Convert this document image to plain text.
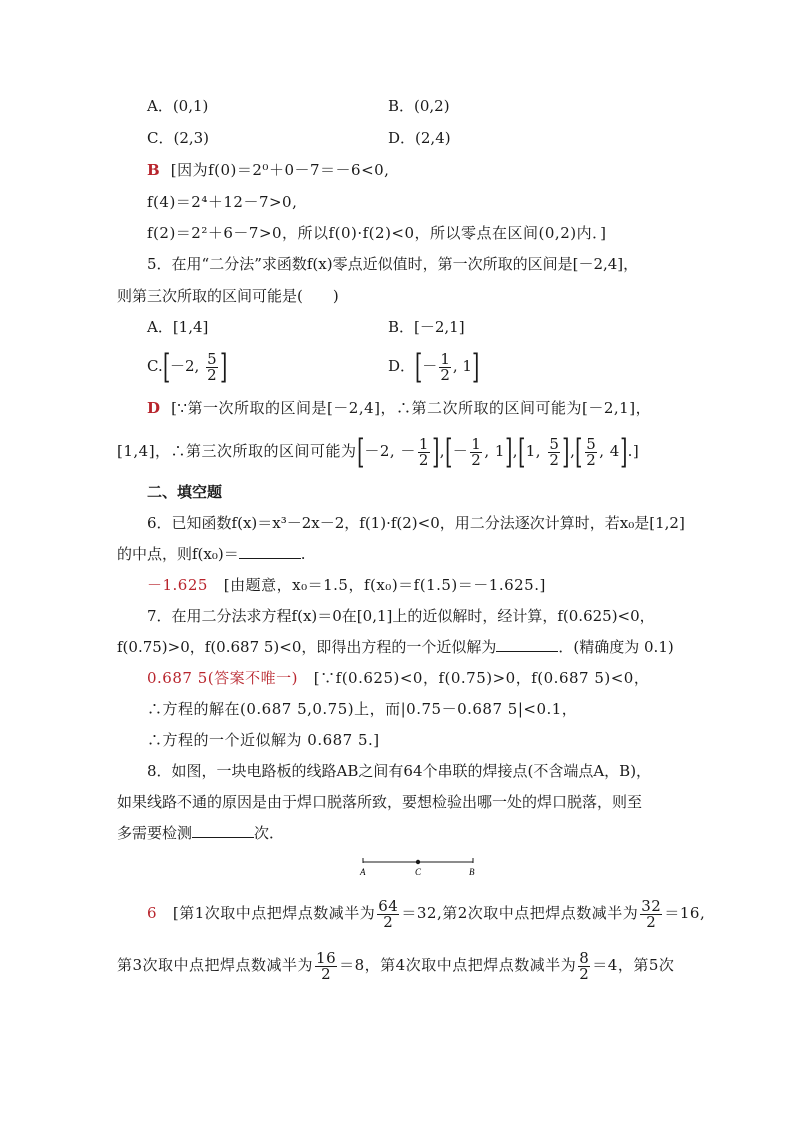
A．(0,1)	B．(0,2)
C．(2,3)	D．(2,4)
B [因为f(0)＝2⁰＋0－7＝－6<0,
f(4)＝2⁴＋12－7>0,
f(2)＝2²＋6－7>0，所以f(0)·f(2)<0，所以零点在区间(0,2)内．]
5．在用“二分法”求函数f(x)零点近似值时，第一次所取的区间是[－2,4]，
则第三次所取的区间可能是(　　)
A．[1,4]	B．[－2,1]
C.[－2, $\frac{5}{2}$ ]	D．[－ $\frac{1}{2}$ , 1]
D [∵第一次所取的区间是[－2,4]，∴第二次所取的区间可能为[－2,1]，
[1,4]，∴第三次所取的区间可能为[－2, － $\frac{1}{2}$ ],[－ $\frac{1}{2}$ , 1],[1, $\frac{5}{2}$ ],[ $\frac{5}{2}$ , 4].]
二、填空题
6．已知函数f(x)＝x³－2x－2，f(1)·f(2)<0，用二分法逐次计算时，若x₀是[1,2]
的中点，则f(x₀)＝	.
－1.625 [由题意，x₀＝1.5，f(x₀)＝f(1.5)＝－1.625.]
7．在用二分法求方程f(x)＝0在[0,1]上的近似解时，经计算，f(0.625)<0，
f(0.75)>0，f(0.687 5)<0，即得出方程的一个近似解为	．(精确度为 0.1)
0.687 5(答案不唯一) [∵f(0.625)<0，f(0.75)>0，f(0.687 5)<0，
∴方程的解在(0.687 5,0.75)上，而|0.75－0.687 5|<0.1，
∴方程的一个近似解为 0.687 5.]
8．如图，一块电路板的线路AB之间有64个串联的焊接点(不含端点A，B)，
如果线路不通的原因是由于焊口脱落所致，要想检验出哪一处的焊口脱落，则至
多需要检测	次．
A	C	B
6 [第1次取中点把焊点数减半为 $\frac{64}{2} =32$,第2次取中点把焊点数减半为 $\frac{32}{2} =16$,
第3次取中点把焊点数减半为 $\frac{16}{2} =8$，第4次取中点把焊点数减半为 $\frac{8}{2} =4$，第5次
